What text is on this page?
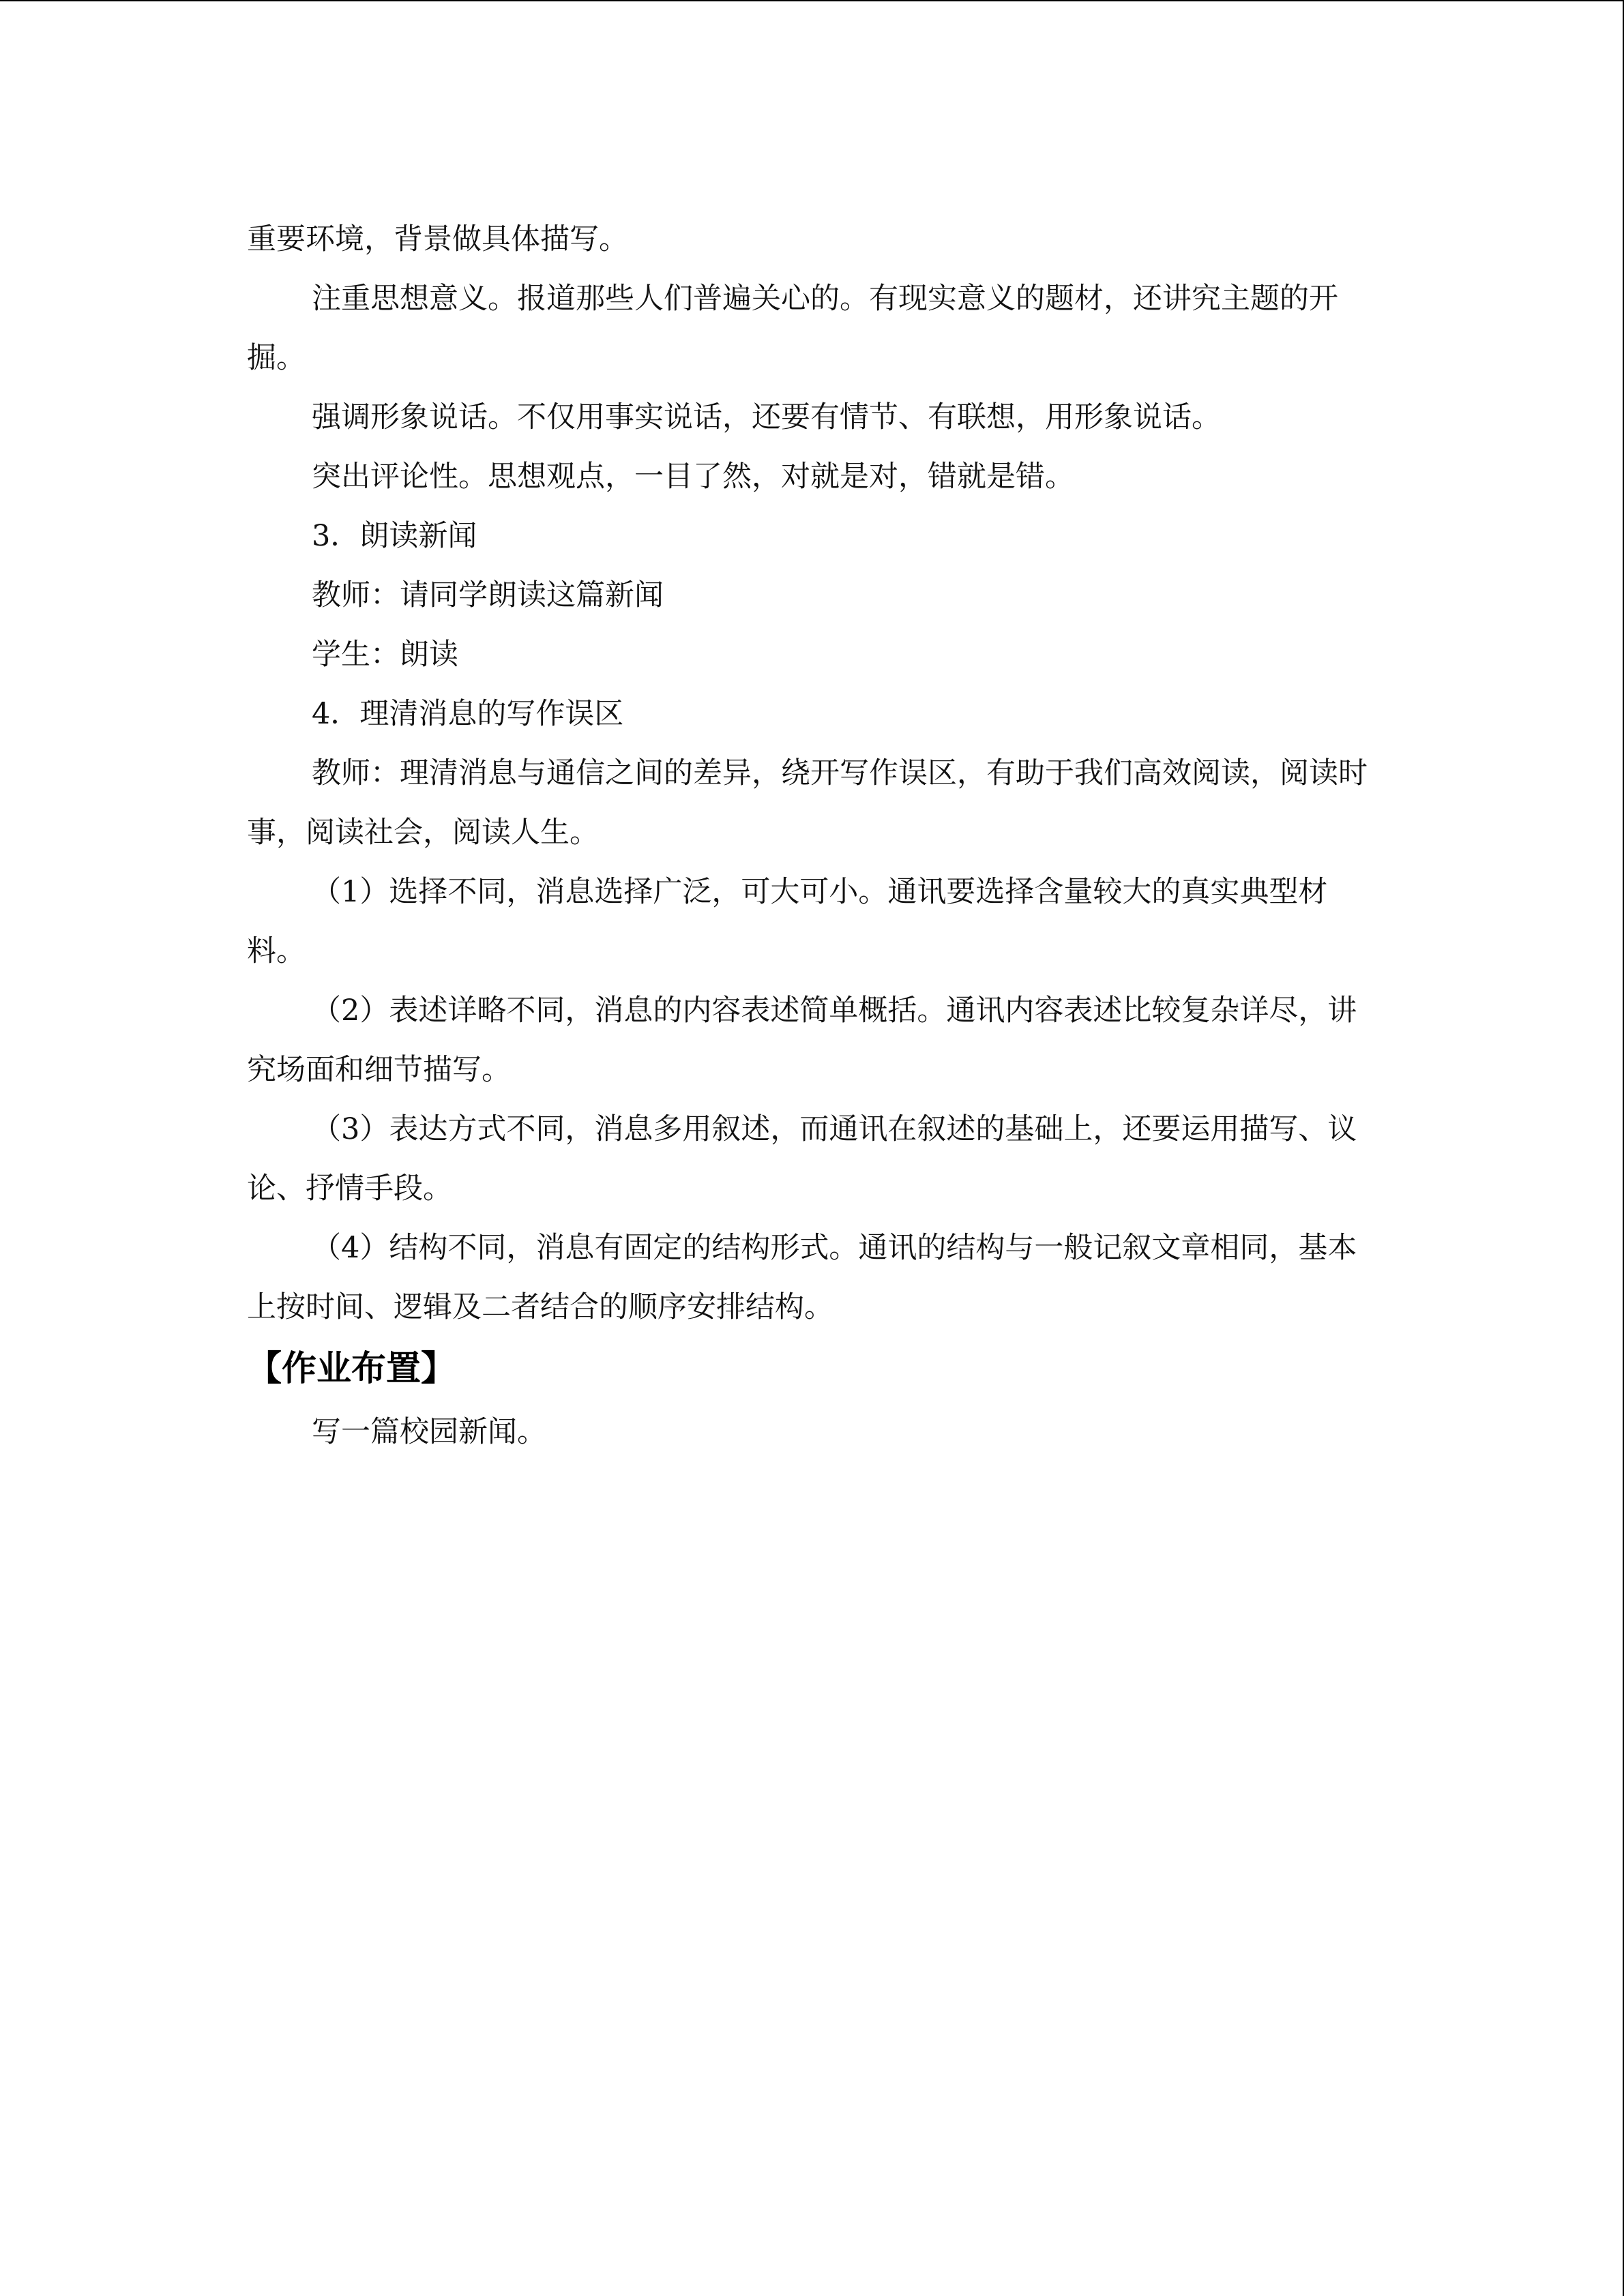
重要环境，背景做具体描写。

注重思想意义。报道那些人们普遍关心的。有现实意义的题材，还讲究主题的开掘。

强调形象说话。不仅用事实说话，还要有情节、有联想，用形象说话。

突出评论性。思想观点，一目了然，对就是对，错就是错。

3．朗读新闻

教师：请同学朗读这篇新闻

学生：朗读

4．理清消息的写作误区

教师：理清消息与通信之间的差异，绕开写作误区，有助于我们高效阅读，阅读时事，阅读社会，阅读人生。

（1）选择不同，消息选择广泛，可大可小。通讯要选择含量较大的真实典型材料。

（2）表述详略不同，消息的内容表述简单概括。通讯内容表述比较复杂详尽，讲究场面和细节描写。

（3）表达方式不同，消息多用叙述，而通讯在叙述的基础上，还要运用描写、议论、抒情手段。

（4）结构不同，消息有固定的结构形式。通讯的结构与一般记叙文章相同，基本上按时间、逻辑及二者结合的顺序安排结构。

【作业布置】

写一篇校园新闻。
